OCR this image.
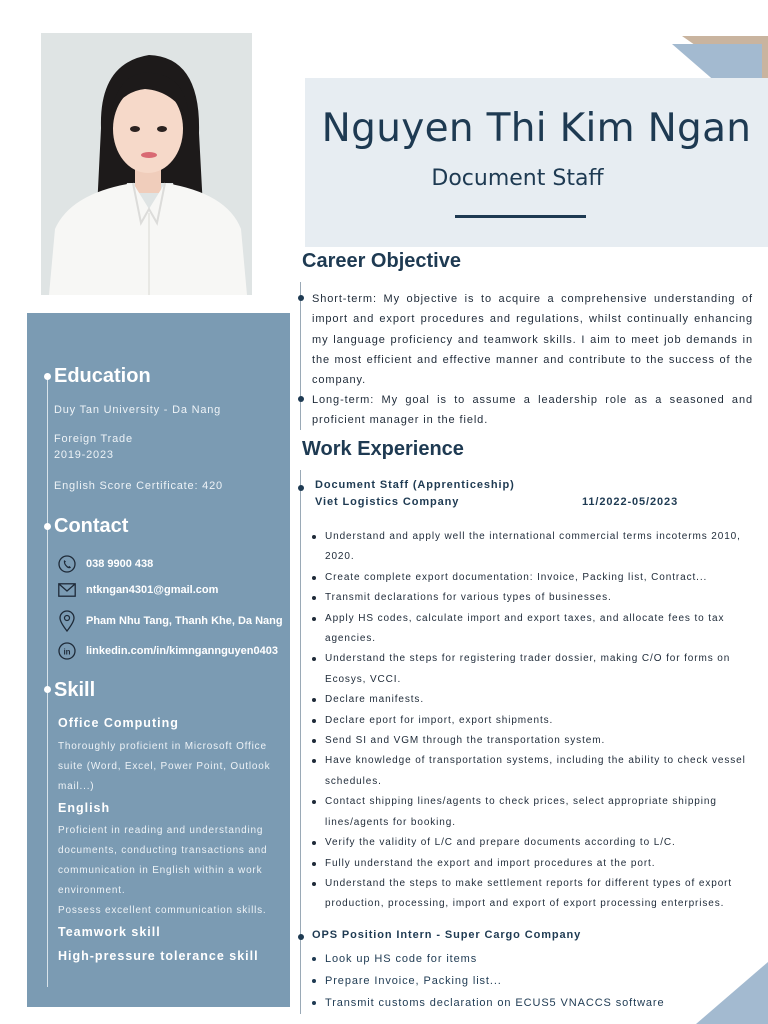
Nguyen Thi Kim Ngan
Document Staff
Education
Duy Tan University - Da Nang
Foreign Trade
2019-2023
English Score Certificate: 420
Contact
038 9900 438
ntkngan4301@gmail.com
Pham Nhu Tang, Thanh Khe, Da Nang
in linkedin.com/in/kimngannguyen0403
Skill
Office Computing
Thoroughly proficient in Microsoft Office
suite (Word, Excel, Power Point, Outlook
mail...)
English
Proficient in reading and understanding
documents, conducting transactions and
communication in English within a work
environment.
Possess excellent communication skills.
Teamwork skill
High-pressure tolerance skill
Career Objective
Short-term: My objective is to acquire a comprehensive understanding of import and export procedures and regulations, whilst continually enhancing my language proficiency and teamwork skills. I aim to meet job demands in the most efficient and effective manner and contribute to the success of the company.
Long-term: My goal is to assume a leadership role as a seasoned and proficient manager in the field.
Work Experience
Document Staff (Apprenticeship)
Viet Logistics Company	11/2022-05/2023
Understand and apply well the international commercial terms incoterms 2010, 2020.
Create complete export documentation: Invoice, Packing list, Contract...
Transmit declarations for various types of businesses.
Apply HS codes, calculate import and export taxes, and allocate fees to tax agencies.
Understand the steps for registering trader dossier, making C/O for forms on Ecosys, VCCI.
Declare manifests.
Declare eport for import, export shipments.
Send SI and VGM through the transportation system.
Have knowledge of transportation systems, including the ability to check vessel schedules.
Contact shipping lines/agents to check prices, select appropriate shipping lines/agents for booking.
Verify the validity of L/C and prepare documents according to L/C.
Fully understand the export and import procedures at the port.
Understand the steps to make settlement reports for different types of export production, processing, import and export of export processing enterprises.
OPS Position Intern - Super Cargo Company
Look up HS code for items
Prepare Invoice, Packing list...
Transmit customs declaration on ECUS5 VNACCS software
